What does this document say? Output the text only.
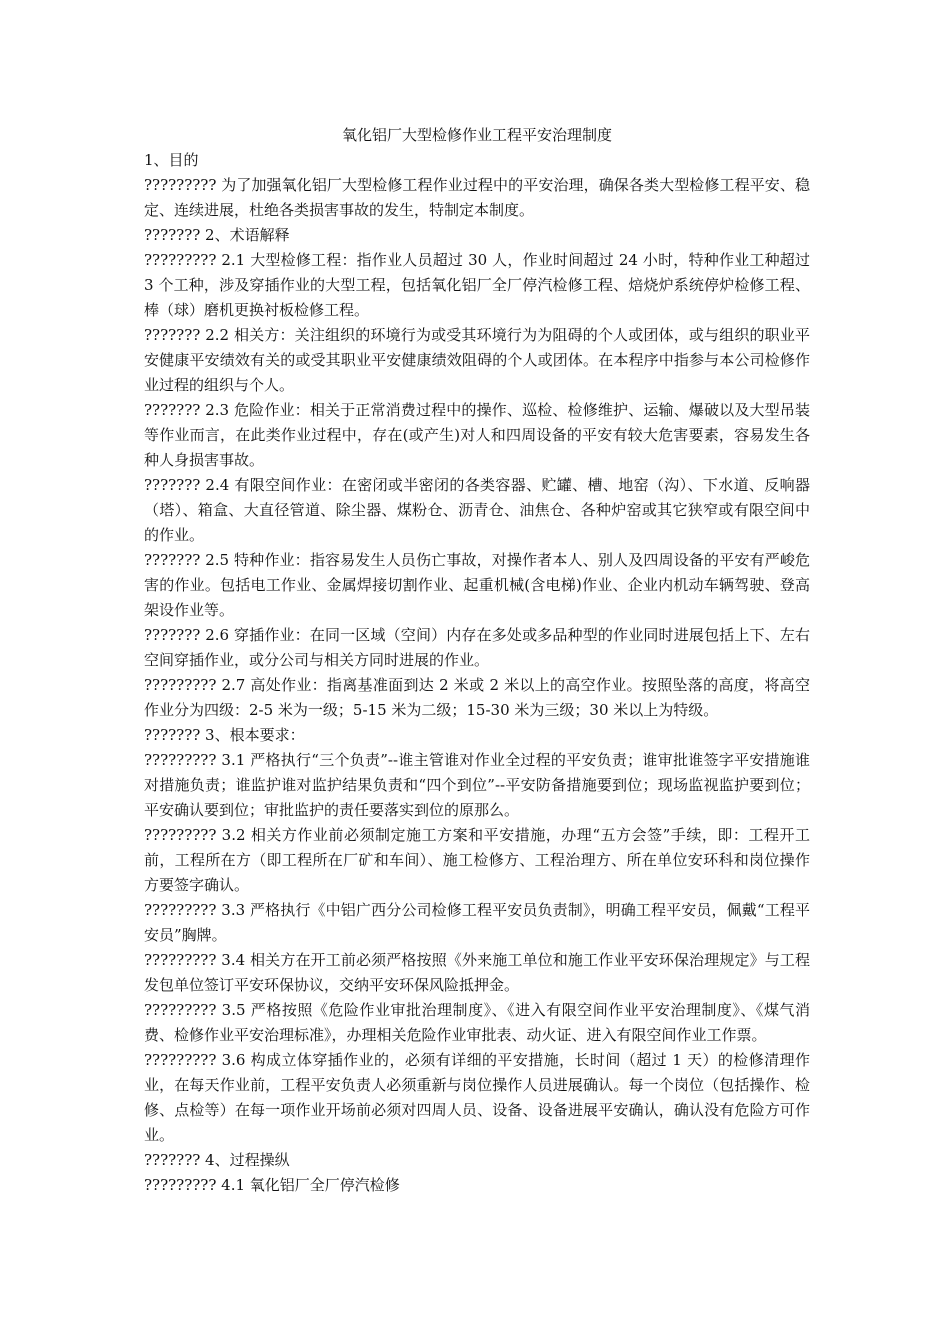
氧化铝厂大型检修作业工程平安治理制度

1、目的

????????? 为了加强氧化铝厂大型检修工程作业过程中的平安治理，确保各类大型检修工程平安、稳定、连续进展，杜绝各类损害事故的发生，特制定本制度。

??????? 2、术语解释

????????? 2.1 大型检修工程：指作业人员超过 30 人，作业时间超过 24 小时，特种作业工种超过 3 个工种，涉及穿插作业的大型工程，包括氧化铝厂全厂停汽检修工程、焙烧炉系统停炉检修工程、棒（球）磨机更换衬板检修工程。

??????? 2.2 相关方：关注组织的环境行为或受其环境行为为阻碍的个人或团体，或与组织的职业平安健康平安绩效有关的或受其职业平安健康绩效阻碍的个人或团体。在本程序中指参与本公司检修作业过程的组织与个人。

??????? 2.3 危险作业：相关于正常消费过程中的操作、巡检、检修维护、运输、爆破以及大型吊装等作业而言，在此类作业过程中，存在(或产生)对人和四周设备的平安有较大危害要素，容易发生各种人身损害事故。

??????? 2.4 有限空间作业：在密闭或半密闭的各类容器、贮罐、槽、地窑（沟）、下水道、反响器（塔）、箱盒、大直径管道、除尘器、煤粉仓、沥青仓、油焦仓、各种炉窑或其它狭窄或有限空间中的作业。

??????? 2.5 特种作业：指容易发生人员伤亡事故，对操作者本人、别人及四周设备的平安有严峻危害的作业。包括电工作业、金属焊接切割作业、起重机械(含电梯)作业、企业内机动车辆驾驶、登高架设作业等。

??????? 2.6 穿插作业：在同一区域（空间）内存在多处或多品种型的作业同时进展包括上下、左右空间穿插作业，或分公司与相关方同时进展的作业。

????????? 2.7 高处作业：指离基准面到达 2 米或 2 米以上的高空作业。按照坠落的高度，将高空作业分为四级：2-5 米为一级；5-15 米为二级；15-30 米为三级；30 米以上为特级。

??????? 3、根本要求：

????????? 3.1 严格执行“三个负责”--谁主管谁对作业全过程的平安负责；谁审批谁签字平安措施谁对措施负责；谁监护谁对监护结果负责和“四个到位”--平安防备措施要到位；现场监视监护要到位；平安确认要到位；审批监护的责任要落实到位的原那么。

????????? 3.2 相关方作业前必须制定施工方案和平安措施，办理“五方会签”手续，即：工程开工前，工程所在方（即工程所在厂矿和车间）、施工检修方、工程治理方、所在单位安环科和岗位操作方要签字确认。

????????? 3.3 严格执行《中铝广西分公司检修工程平安员负责制》，明确工程平安员，佩戴“工程平安员”胸牌。

????????? 3.4 相关方在开工前必须严格按照《外来施工单位和施工作业平安环保治理规定》与工程发包单位签订平安环保协议，交纳平安环保风险抵押金。

????????? 3.5 严格按照《危险作业审批治理制度》、《进入有限空间作业平安治理制度》、《煤气消费、检修作业平安治理标准》，办理相关危险作业审批表、动火证、进入有限空间作业工作票。

????????? 3.6 构成立体穿插作业的，必须有详细的平安措施，长时间（超过 1 天）的检修清理作业，在每天作业前，工程平安负责人必须重新与岗位操作人员进展确认。每一个岗位（包括操作、检修、点检等）在每一项作业开场前必须对四周人员、设备、设备进展平安确认，确认没有危险方可作业。

??????? 4、过程操纵

????????? 4.1 氧化铝厂全厂停汽检修
